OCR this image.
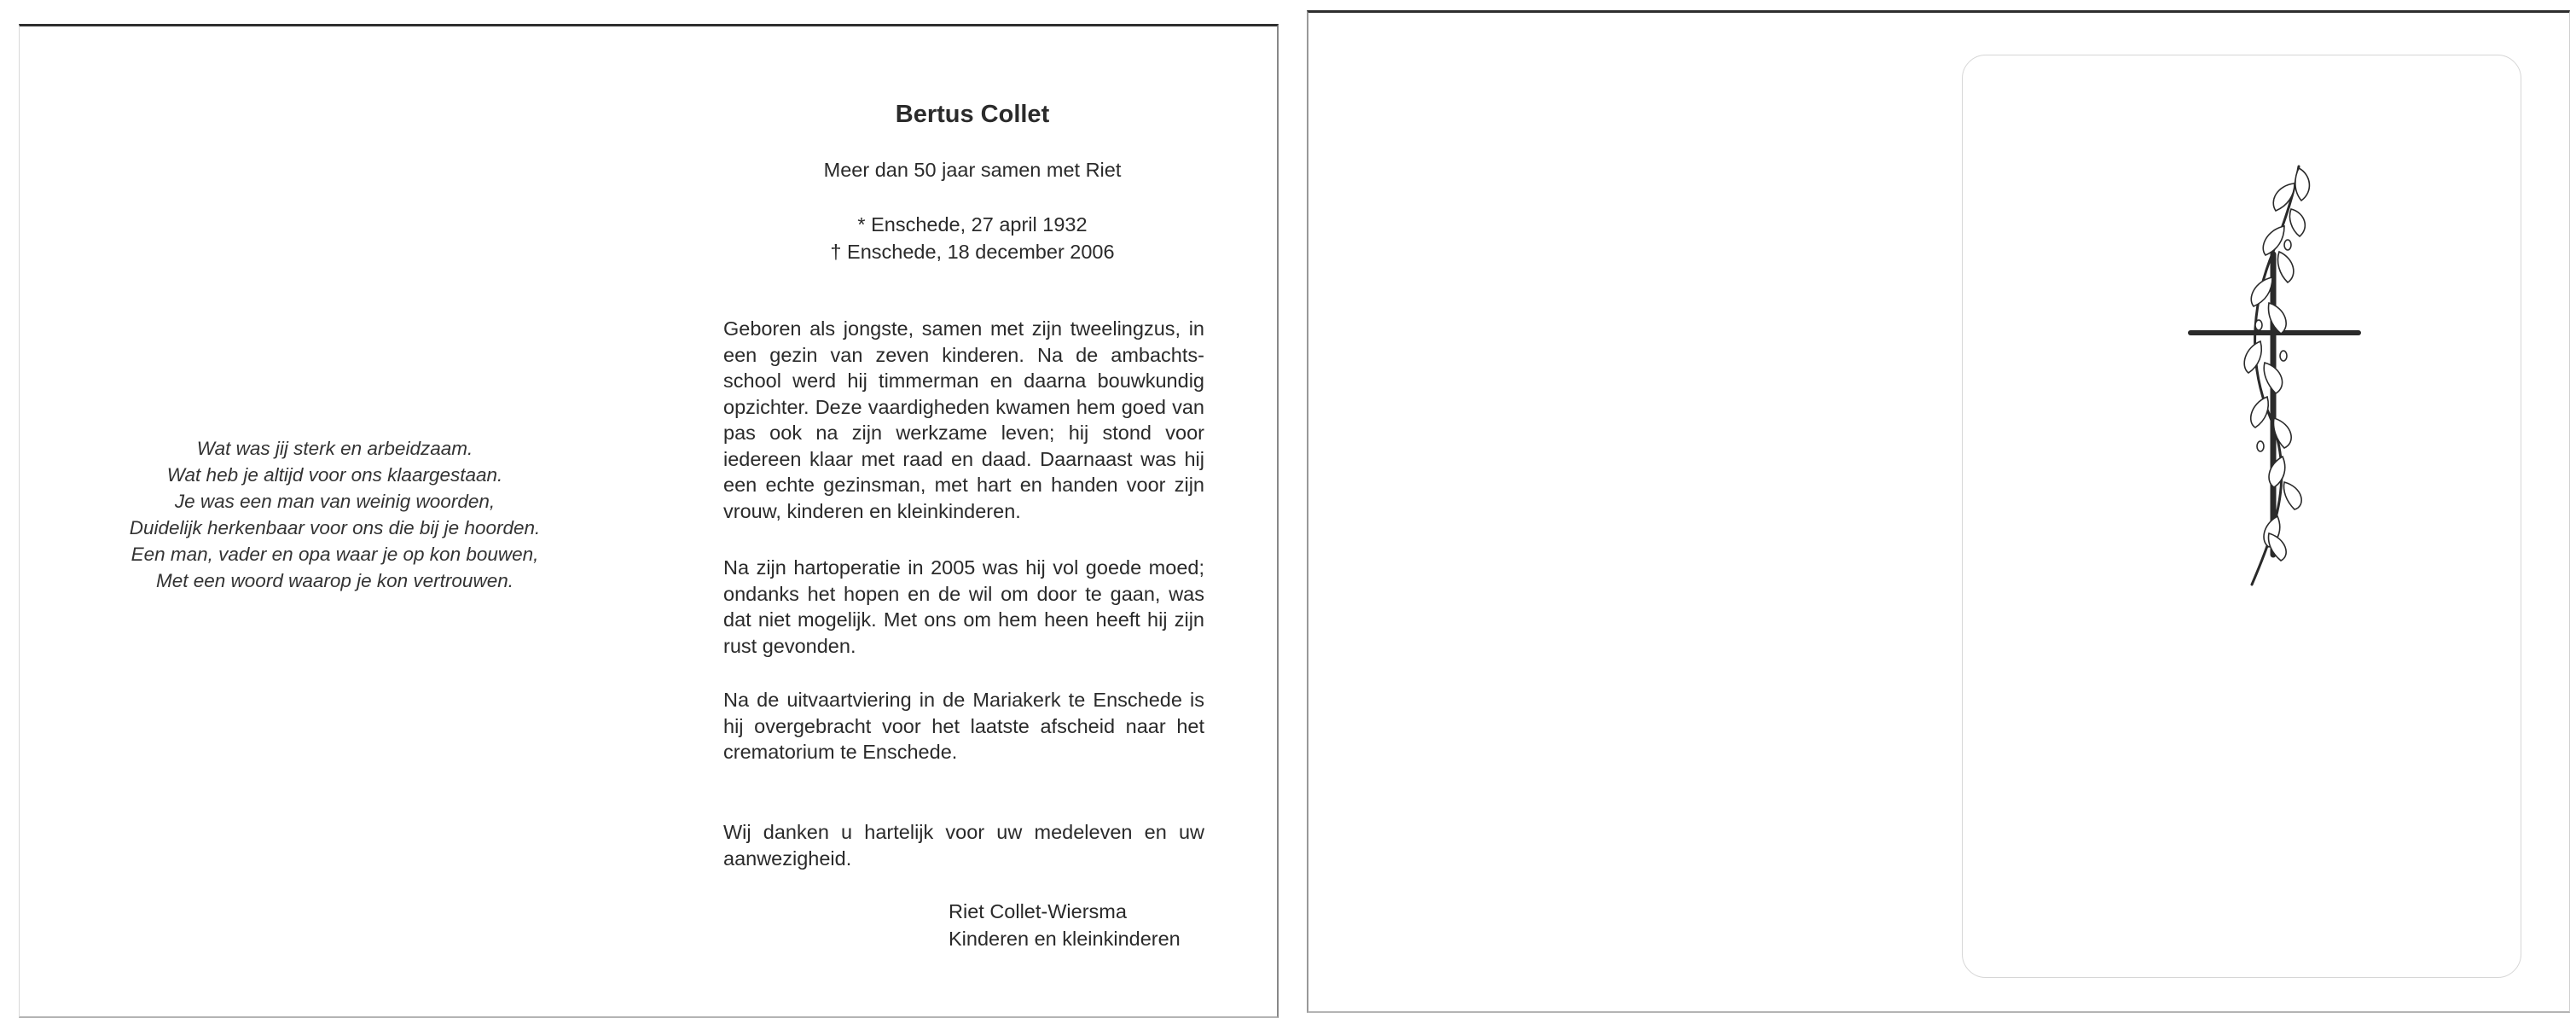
Wat was jij sterk en arbeidzaam.
Wat heb je altijd voor ons klaargestaan.
Je was een man van weinig woorden,
Duidelijk herkenbaar voor ons die bij je hoorden.
Een man, vader en opa waar je op kon bouwen,
Met een woord waarop je kon vertrouwen.
Bertus Collet
Meer dan 50 jaar samen met Riet
* Enschede, 27 april 1932
† Enschede, 18 december 2006
Geboren als jongste, samen met zijn tweelingzus, in een gezin van zeven kinderen. Na de ambachts-school werd hij timmerman en daarna bouwkundig opzichter. Deze vaardigheden kwamen hem goed van pas ook na zijn werkzame leven; hij stond voor iedereen klaar met raad en daad. Daarnaast was hij een echte gezinsman, met hart en handen voor zijn vrouw, kinderen en kleinkinderen.
Na zijn hartoperatie in 2005 was hij vol goede moed; ondanks het hopen en de wil om door te gaan, was dat niet mogelijk. Met ons om hem heen heeft hij zijn rust gevonden.
Na de uitvaartviering in de Mariakerk te Enschede is hij overgebracht voor het laatste afscheid naar het crematorium te Enschede.
Wij danken u hartelijk voor uw medeleven en uw aanwezigheid.
Riet Collet-Wiersma
Kinderen en kleinkinderen
